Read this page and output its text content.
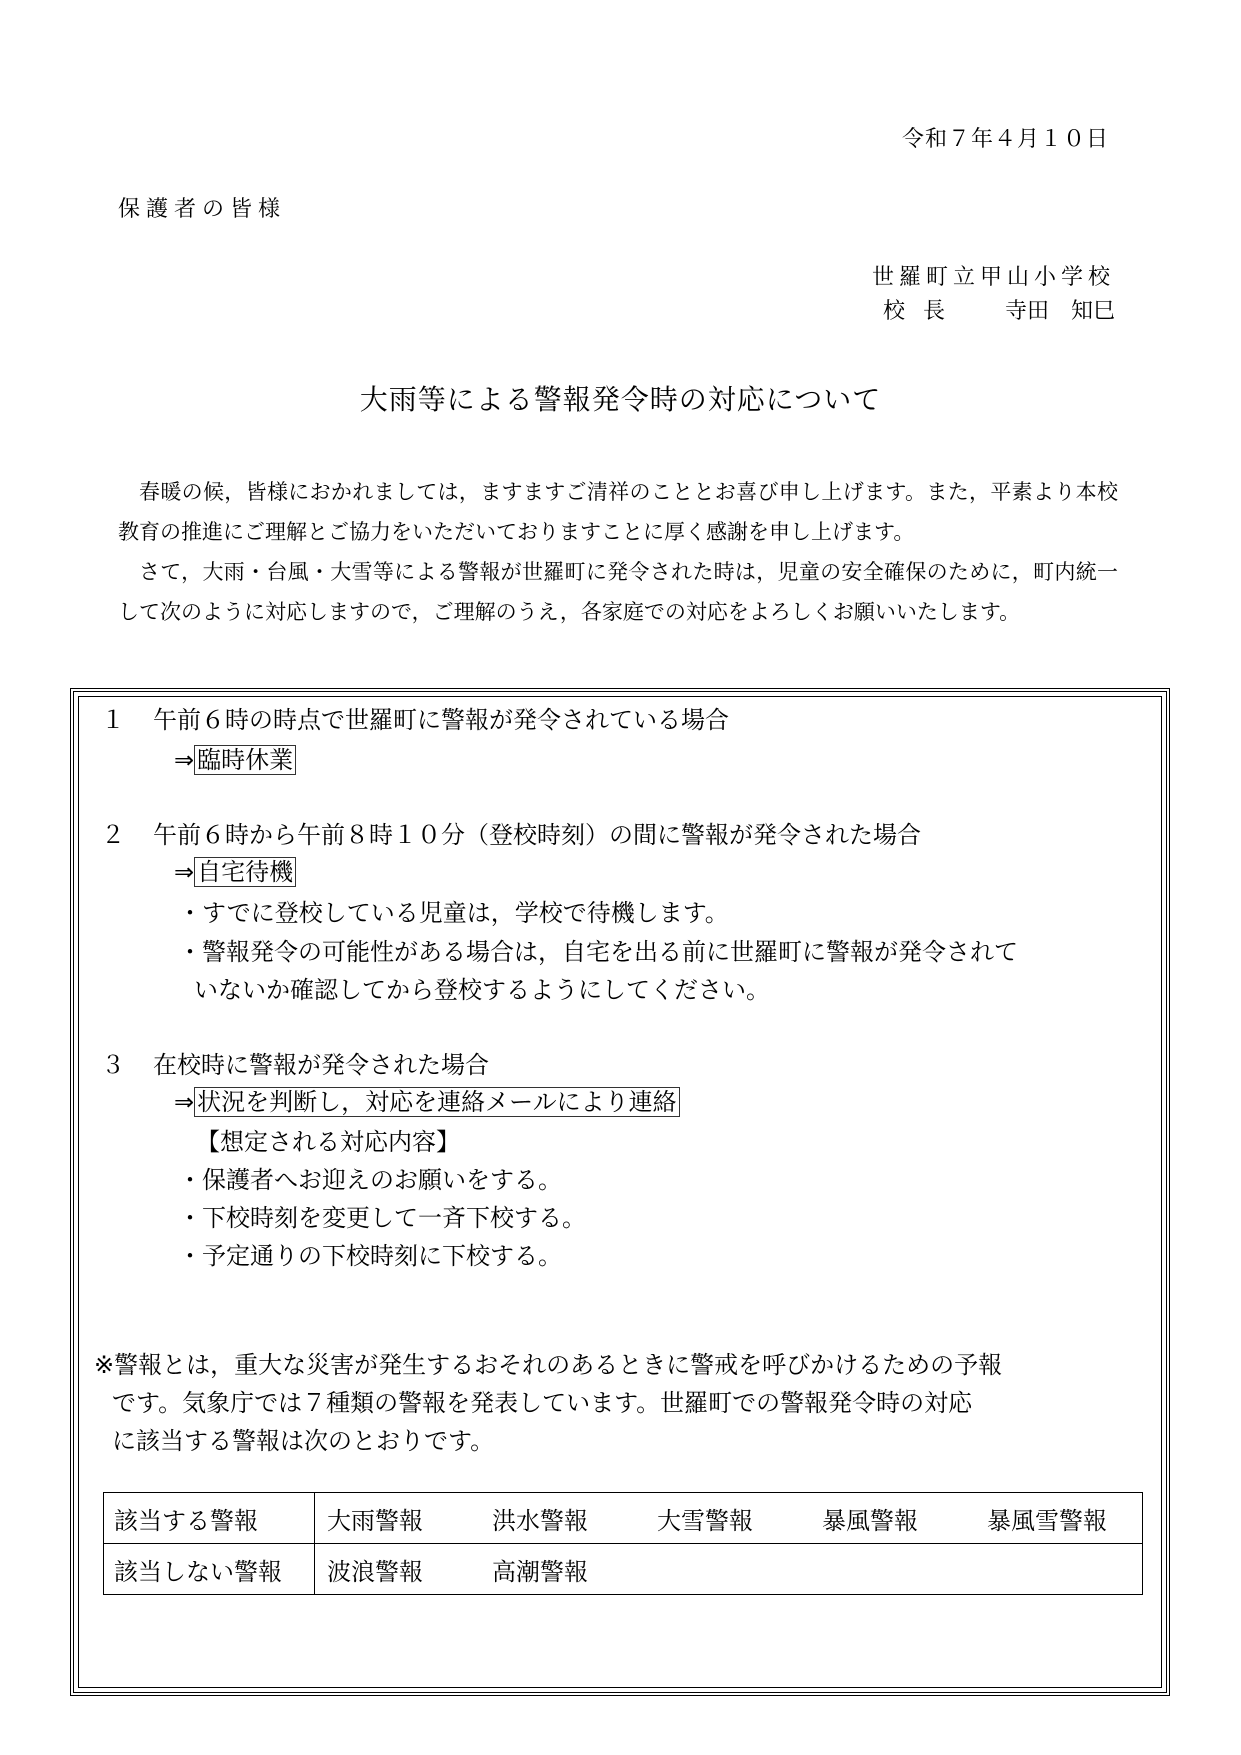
令和７年４月１０日
保護者の皆様
世羅町立甲山小学校
校長 寺田　知巳
大雨等による警報発令時の対応について

春暖の候，皆様におかれましては，ますますご清祥のこととお喜び申し上げます。また，平素より本校教育の推進にご理解とご協力をいただいておりますことに厚く感謝を申し上げます。

さて，大雨・台風・大雪等による警報が世羅町に発令された時は，児童の安全確保のために，町内統一して次のように対応しますので，ご理解のうえ，各家庭での対応をよろしくお願いいたします。

１ 午前６時の時点で世羅町に警報が発令されている場合
⇒ 臨時休業
２ 午前６時から午前８時１０分（登校時刻）の間に警報が発令された場合
⇒ 自宅待機
・すでに登校している児童は，学校で待機します。
・警報発令の可能性がある場合は，自宅を出る前に世羅町に警報が発令されて
いないか確認してから登校するようにしてください。
３ 在校時に警報が発令された場合
⇒ 状況を判断し，対応を連絡メールにより連絡
【想定される対応内容】
・保護者へお迎えのお願いをする。
・下校時刻を変更して一斉下校する。
・予定通りの下校時刻に下校する。
※警報とは，重大な災害が発生するおそれのあるときに警戒を呼びかけるための予報
です。気象庁では７種類の警報を発表しています。世羅町での警報発令時の対応
に該当する警報は次のとおりです。
該当する警報	大雨警報 洪水警報 大雪警報 暴風警報 暴風雪警報
該当しない警報	波浪警報 高潮警報
